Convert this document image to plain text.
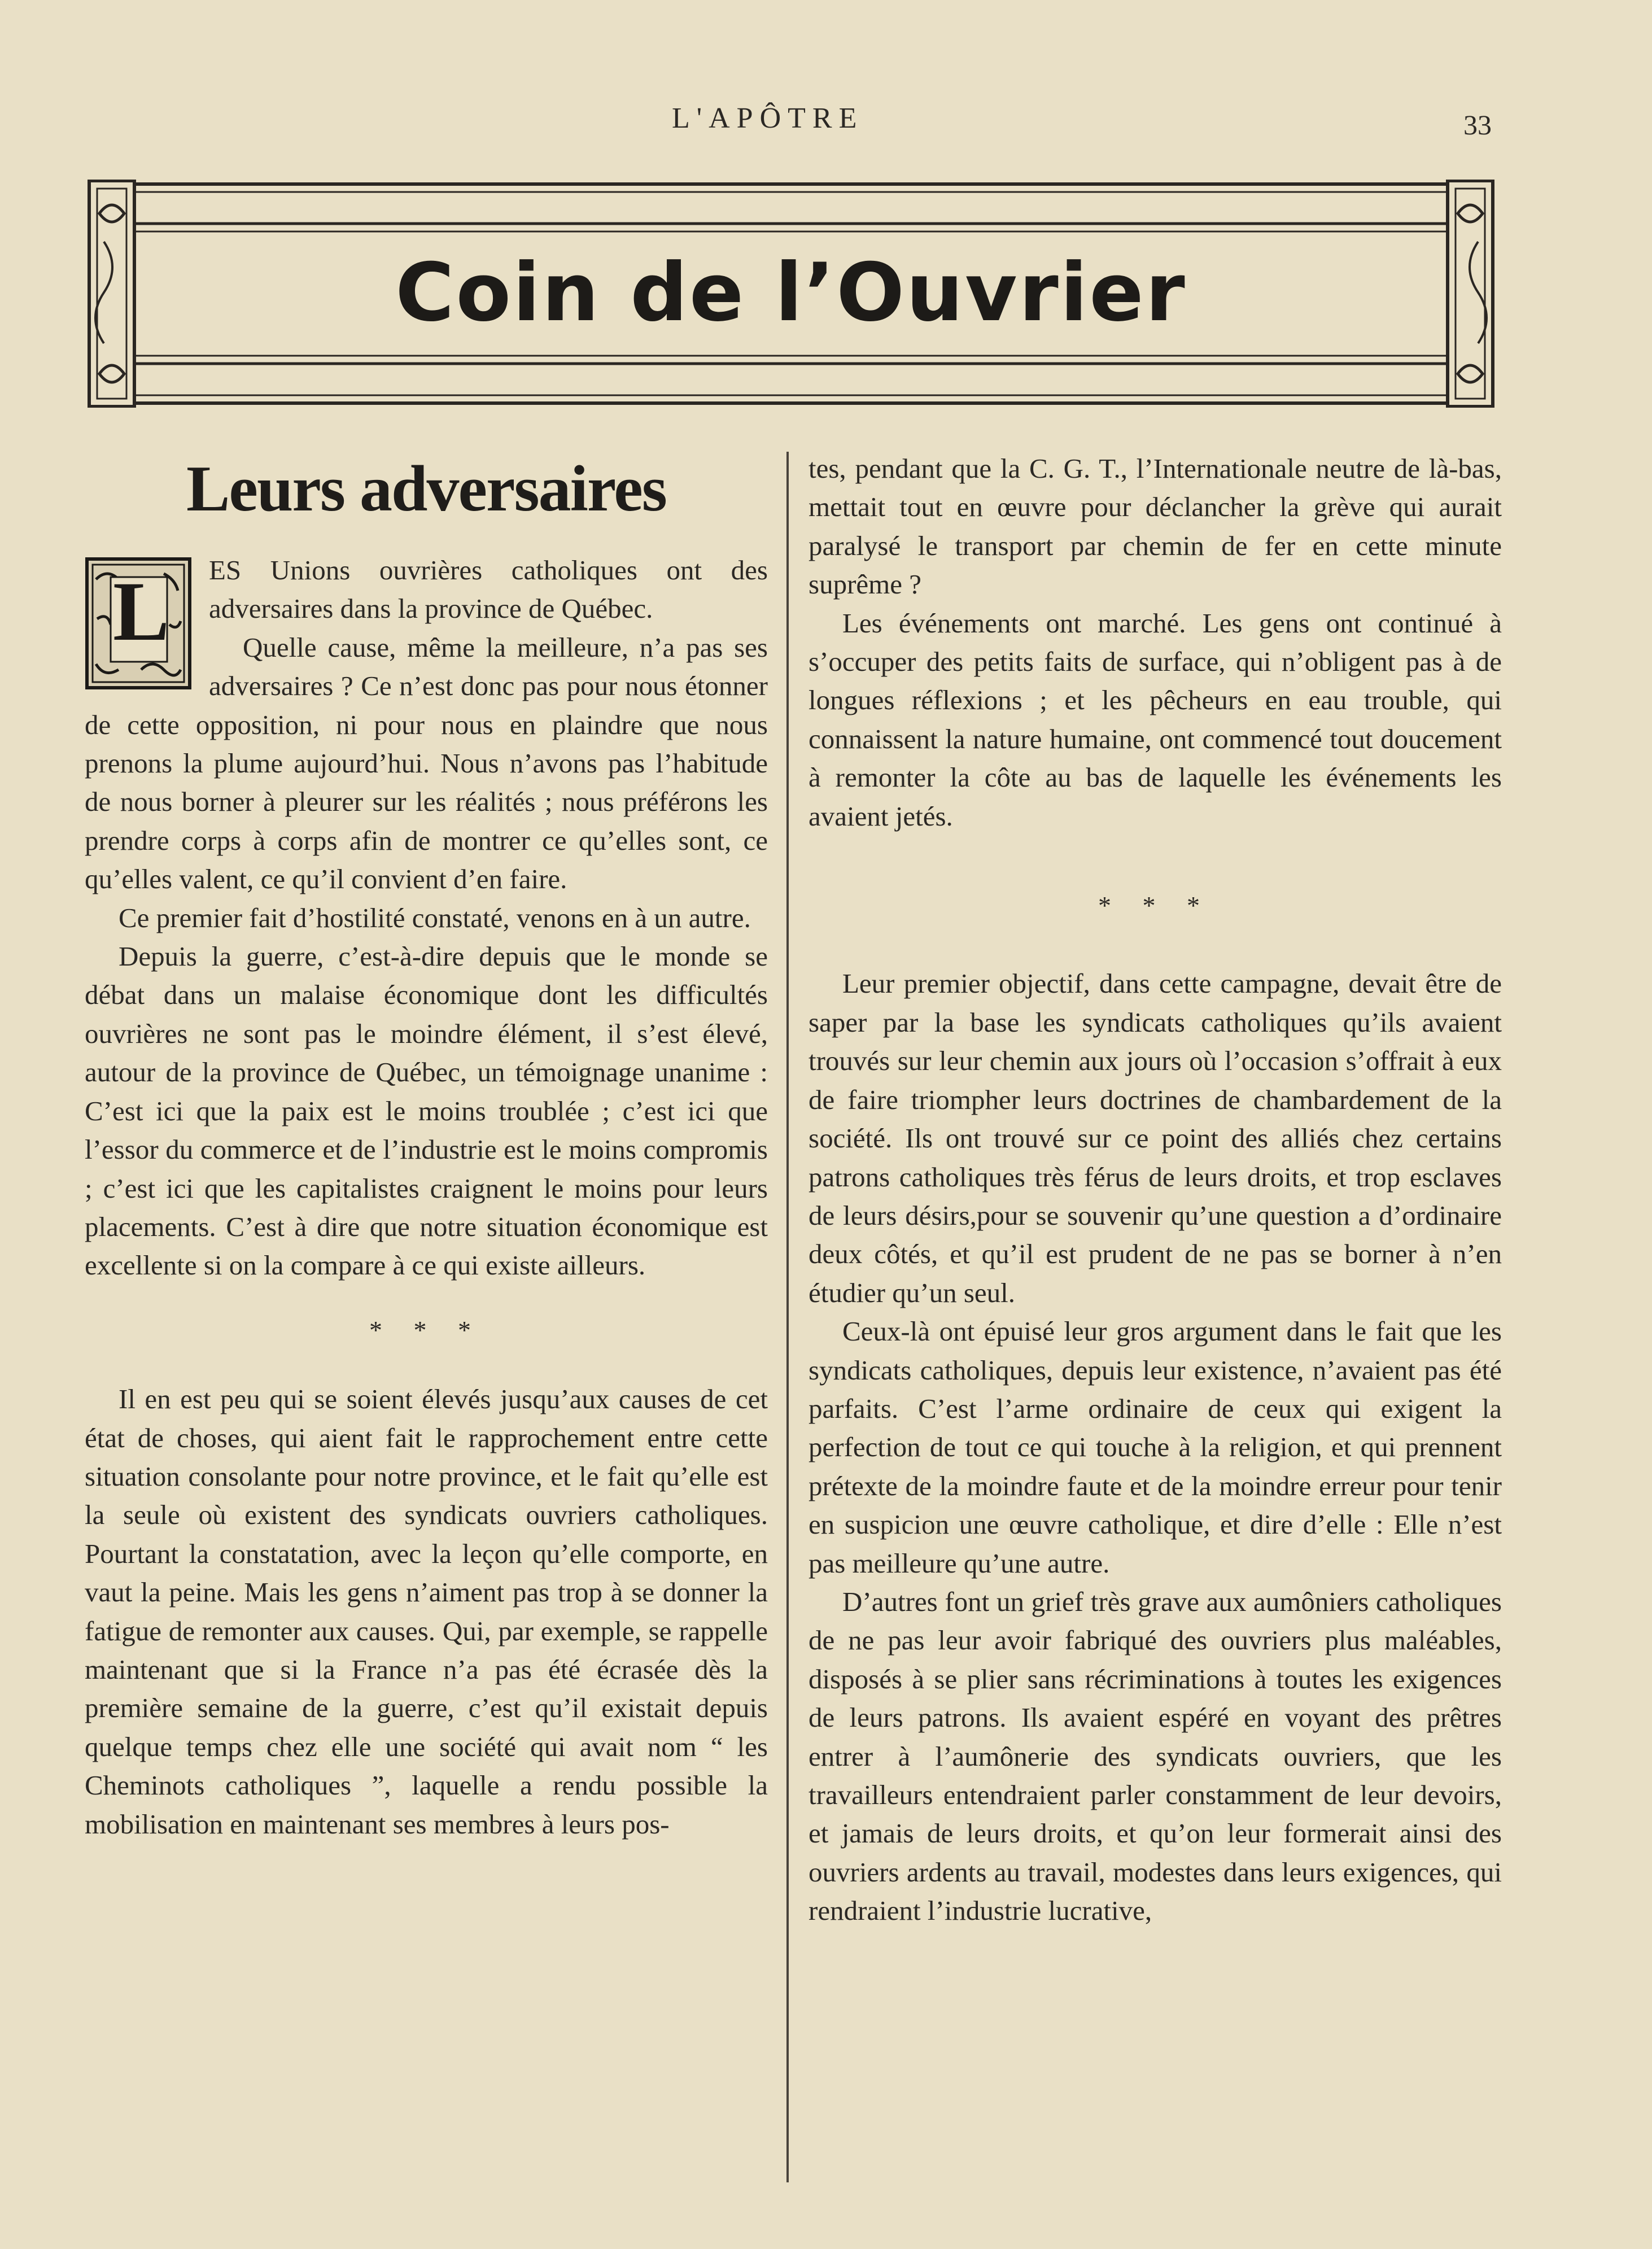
L'APÔTRE	33
Coin de l’Ouvrier
Leurs adversaires
L	ES Unions ouvrières catholiques ont des adversaires dans la province de Québec.

Quelle cause, même la meilleure, n’a pas ses adversaires ? Ce n’est donc pas pour nous étonner de cette opposition, ni pour nous en plaindre que nous prenons la plume aujourd’hui. Nous n’avons pas l’habitude de nous borner à pleurer sur les réalités ; nous préférons les prendre corps à corps afin de montrer ce qu’elles sont, ce qu’elles valent, ce qu’il convient d’en faire.

Ce premier fait d’hostilité constaté, venons en à un autre.

Depuis la guerre, c’est-à-dire depuis que le monde se débat dans un malaise économique dont les difficultés ouvrières ne sont pas le moindre élément, il s’est élevé, autour de la province de Québec, un témoignage unanime : C’est ici que la paix est le moins troublée ; c’est ici que l’essor du commerce et de l’industrie est le moins compromis ; c’est ici que les capitalistes craignent le moins pour leurs placements. C’est à dire que notre situation économique est excellente si on la compare à ce qui existe ailleurs.

* * *

Il en est peu qui se soient élevés jusqu’aux causes de cet état de choses, qui aient fait le rapprochement entre cette situation consolante pour notre province, et le fait qu’elle est la seule où existent des syndicats ouvriers catholiques. Pourtant la constatation, avec la leçon qu’elle comporte, en vaut la peine. Mais les gens n’aiment pas trop à se donner la fatigue de remonter aux causes. Qui, par exemple, se rappelle maintenant que si la France n’a pas été écrasée dès la première semaine de la guerre, c’est qu’il existait depuis quelque temps chez elle une société qui avait nom “ les Cheminots catholiques ”, laquelle a rendu possible la mobilisation en maintenant ses membres à leurs pos-

tes, pendant que la C. G. T., l’Internationale neutre de là-bas, mettait tout en œuvre pour déclancher la grève qui aurait paralysé le transport par chemin de fer en cette minute suprême ?

Les événements ont marché. Les gens ont continué à s’occuper des petits faits de surface, qui n’obligent pas à de longues réflexions ; et les pêcheurs en eau trouble, qui connaissent la nature humaine, ont commencé tout doucement à remonter la côte au bas de laquelle les événements les avaient jetés.

* * *

Leur premier objectif, dans cette campagne, devait être de saper par la base les syndicats catholiques qu’ils avaient trouvés sur leur chemin aux jours où l’occasion s’offrait à eux de faire triompher leurs doctrines de chambardement de la société. Ils ont trouvé sur ce point des alliés chez certains patrons catholiques très férus de leurs droits, et trop esclaves de leurs désirs,pour se souvenir qu’une question a d’ordinaire deux côtés, et qu’il est prudent de ne pas se borner à n’en étudier qu’un seul.

Ceux-là ont épuisé leur gros argument dans le fait que les syndicats catholiques, depuis leur existence, n’avaient pas été parfaits. C’est l’arme ordinaire de ceux qui exigent la perfection de tout ce qui touche à la religion, et qui prennent prétexte de la moindre faute et de la moindre erreur pour tenir en suspicion une œuvre catholique, et dire d’elle : Elle n’est pas meilleure qu’une autre.

D’autres font un grief très grave aux aumôniers catholiques de ne pas leur avoir fabriqué des ouvriers plus maléables, disposés à se plier sans récriminations à toutes les exigences de leurs patrons. Ils avaient espéré en voyant des prêtres entrer à l’aumônerie des syndicats ouvriers, que les travailleurs entendraient parler constamment de leur devoirs, et jamais de leurs droits, et qu’on leur formerait ainsi des ouvriers ardents au travail, modestes dans leurs exigences, qui rendraient l’industrie lucrative,
